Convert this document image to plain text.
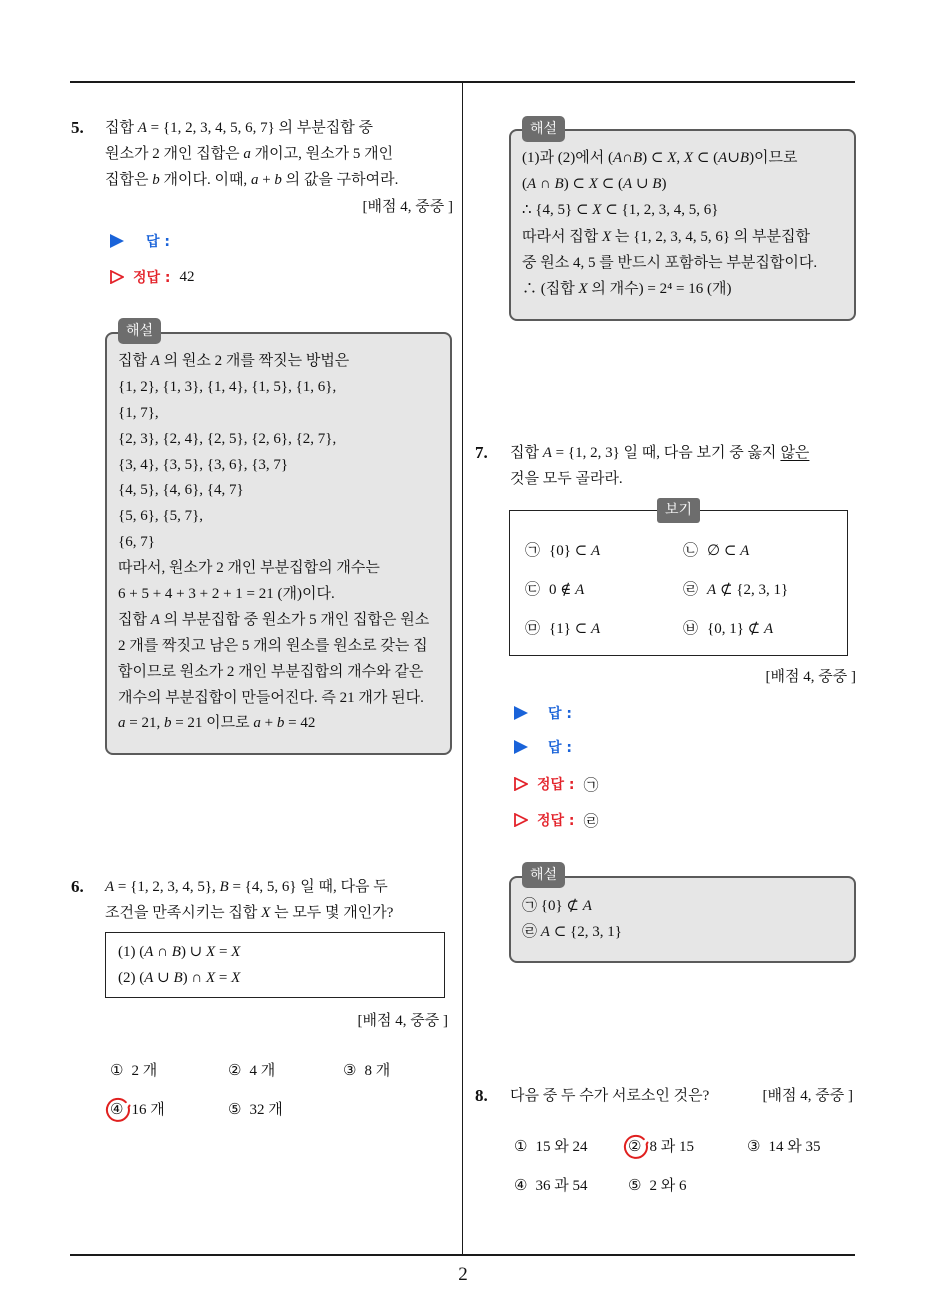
2
5. 집합 A = {1, 2, 3, 4, 5, 6, 7} 의 부분집합 중
원소가 2 개인 집합은 a 개이고, 원소가 5 개인
집합은 b 개이다. 이때, a + b 의 값을 구하여라.
[배점 4, 중중 ]
답 :
정답 : 42
해설
집합 A 의 원소 2 개를 짝짓는 방법은
{1, 2}, {1, 3}, {1, 4}, {1, 5}, {1, 6},
{1, 7},
{2, 3}, {2, 4}, {2, 5}, {2, 6}, {2, 7},
{3, 4}, {3, 5}, {3, 6}, {3, 7}
{4, 5}, {4, 6}, {4, 7}
{5, 6}, {5, 7},
{6, 7}
따라서, 원소가 2 개인 부분집합의 개수는
6 + 5 + 4 + 3 + 2 + 1 = 21 (개)이다.
집합 A 의 부분집합 중 원소가 5 개인 집합은 원소
2 개를 짝짓고 남은 5 개의 원소를 원소로 갖는 집
합이므로 원소가 2 개인 부분집합의 개수와 같은
개수의 부분집합이 만들어진다. 즉 21 개가 된다.
a = 21, b = 21 이므로 a + b = 42
6. A = {1, 2, 3, 4, 5}, B = {4, 5, 6} 일 때, 다음 두
조건을 만족시키는 집합 X 는 모두 몇 개인가?
(1) (A ∩ B) ∪ X = X
(2) (A ∪ B) ∩ X = X
[배점 4, 중중 ]
① 2 개	② 4 개	③ 8 개
④ 16 개	⑤ 32 개
해설
(1)과 (2)에서 (A∩B) ⊂ X, X ⊂ (A∪B)이므로
(A ∩ B) ⊂ X ⊂ (A ∪ B)
∴ {4, 5} ⊂ X ⊂ {1, 2, 3, 4, 5, 6}
따라서 집합 X 는 {1, 2, 3, 4, 5, 6} 의 부분집합
중 원소 4, 5 를 반드시 포함하는 부분집합이다.
∴ (집합 X 의 개수) = 2⁴ = 16 (개)
7. 집합 A = {1, 2, 3} 일 때, 다음 보기 중 옳지 않은
것을 모두 골라라.
보기
㉠ {0} ⊂ A	㉡ ∅ ⊂ A
㉢ 0 ∉ A	㉣ A ⊄ {2, 3, 1}
㉤ {1} ⊂ A	㉥ {0, 1} ⊄ A
[배점 4, 중중 ]
답 :
답 :
정답 : ㉠
정답 : ㉣
해설
㉠ {0} ⊄ A
㉣ A ⊂ {2, 3, 1}
8. 다음 중 두 수가 서로소인 것은?	[배점 4, 중중 ]
① 15 와 24	② 8 과 15	③ 14 와 35
④ 36 과 54	⑤ 2 와 6
